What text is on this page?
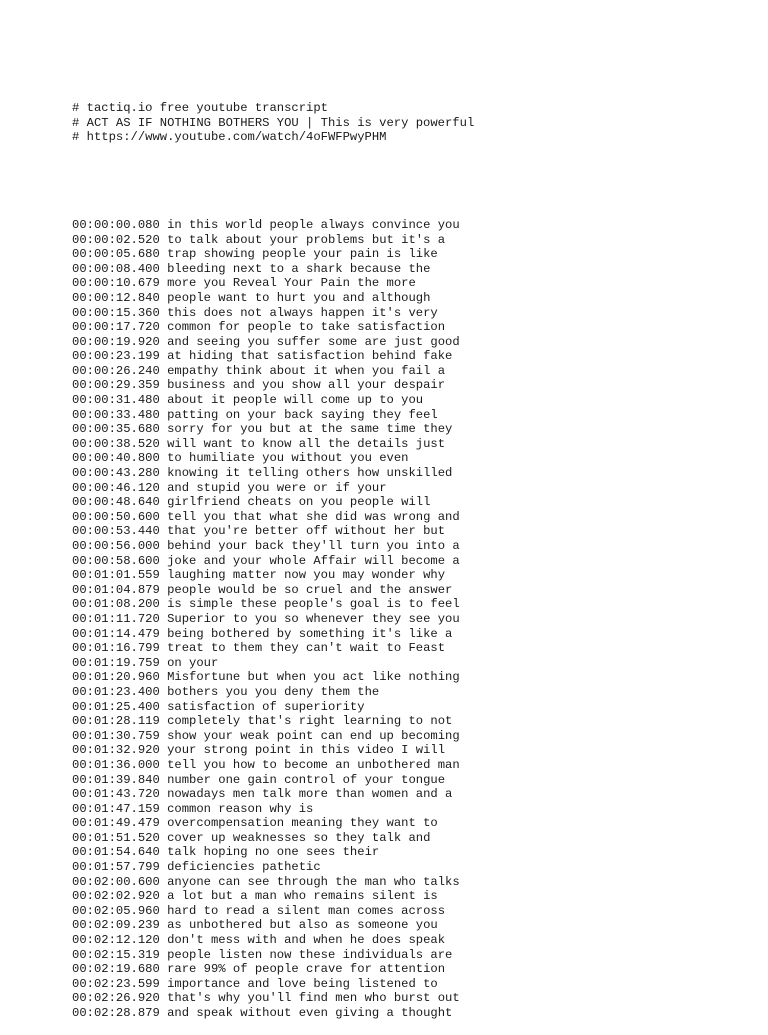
# tactiq.io free youtube transcript
# ACT AS IF NOTHING BOTHERS YOU | This is very powerful
# https://www.youtube.com/watch/4oFWFPwyPHM

00:00:00.080 in this world people always convince you
00:00:02.520 to talk about your problems but it's a
00:00:05.680 trap showing people your pain is like
00:00:08.400 bleeding next to a shark because the
00:00:10.679 more you Reveal Your Pain the more
00:00:12.840 people want to hurt you and although
00:00:15.360 this does not always happen it's very
00:00:17.720 common for people to take satisfaction
00:00:19.920 and seeing you suffer some are just good
00:00:23.199 at hiding that satisfaction behind fake
00:00:26.240 empathy think about it when you fail a
00:00:29.359 business and you show all your despair
00:00:31.480 about it people will come up to you
00:00:33.480 patting on your back saying they feel
00:00:35.680 sorry for you but at the same time they
00:00:38.520 will want to know all the details just
00:00:40.800 to humiliate you without you even
00:00:43.280 knowing it telling others how unskilled
00:00:46.120 and stupid you were or if your
00:00:48.640 girlfriend cheats on you people will
00:00:50.600 tell you that what she did was wrong and
00:00:53.440 that you're better off without her but
00:00:56.000 behind your back they'll turn you into a
00:00:58.600 joke and your whole Affair will become a
00:01:01.559 laughing matter now you may wonder why
00:01:04.879 people would be so cruel and the answer
00:01:08.200 is simple these people's goal is to feel
00:01:11.720 Superior to you so whenever they see you
00:01:14.479 being bothered by something it's like a
00:01:16.799 treat to them they can't wait to Feast
00:01:19.759 on your
00:01:20.960 Misfortune but when you act like nothing
00:01:23.400 bothers you you deny them the
00:01:25.400 satisfaction of superiority
00:01:28.119 completely that's right learning to not
00:01:30.759 show your weak point can end up becoming
00:01:32.920 your strong point in this video I will
00:01:36.000 tell you how to become an unbothered man
00:01:39.840 number one gain control of your tongue
00:01:43.720 nowadays men talk more than women and a
00:01:47.159 common reason why is
00:01:49.479 overcompensation meaning they want to
00:01:51.520 cover up weaknesses so they talk and
00:01:54.640 talk hoping no one sees their
00:01:57.799 deficiencies pathetic
00:02:00.600 anyone can see through the man who talks
00:02:02.920 a lot but a man who remains silent is
00:02:05.960 hard to read a silent man comes across
00:02:09.239 as unbothered but also as someone you
00:02:12.120 don't mess with and when he does speak
00:02:15.319 people listen now these individuals are
00:02:19.680 rare 99% of people crave for attention
00:02:23.599 importance and love being listened to
00:02:26.920 that's why you'll find men who burst out
00:02:28.879 and speak without even giving a thought
